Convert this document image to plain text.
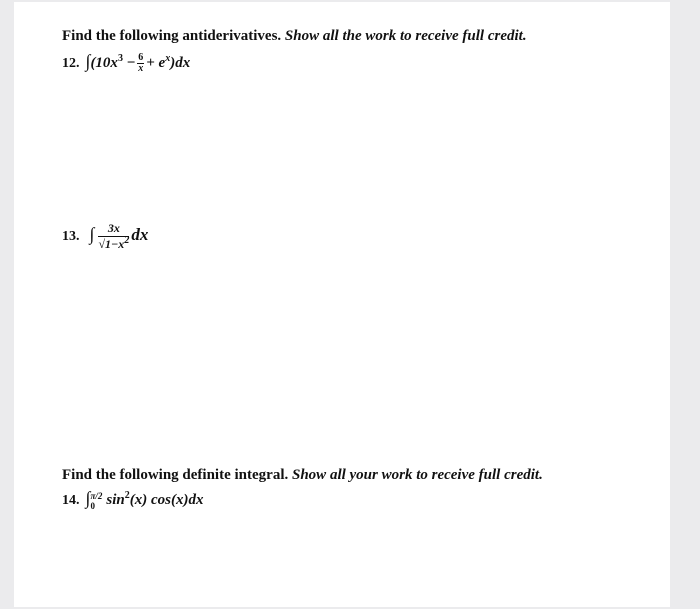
Find the following antiderivatives. Show all the work to receive full credit.
12. $\int(10x^3 - \frac{6}{x} + e^x)dx$
13. ∫ $\frac{3x}{√1-x^2}$ dx
Find the following definite integral. Show all your work to receive full credit.
14. ∫ π/2
0 $\sin^2(x)$ cos(x)dx
